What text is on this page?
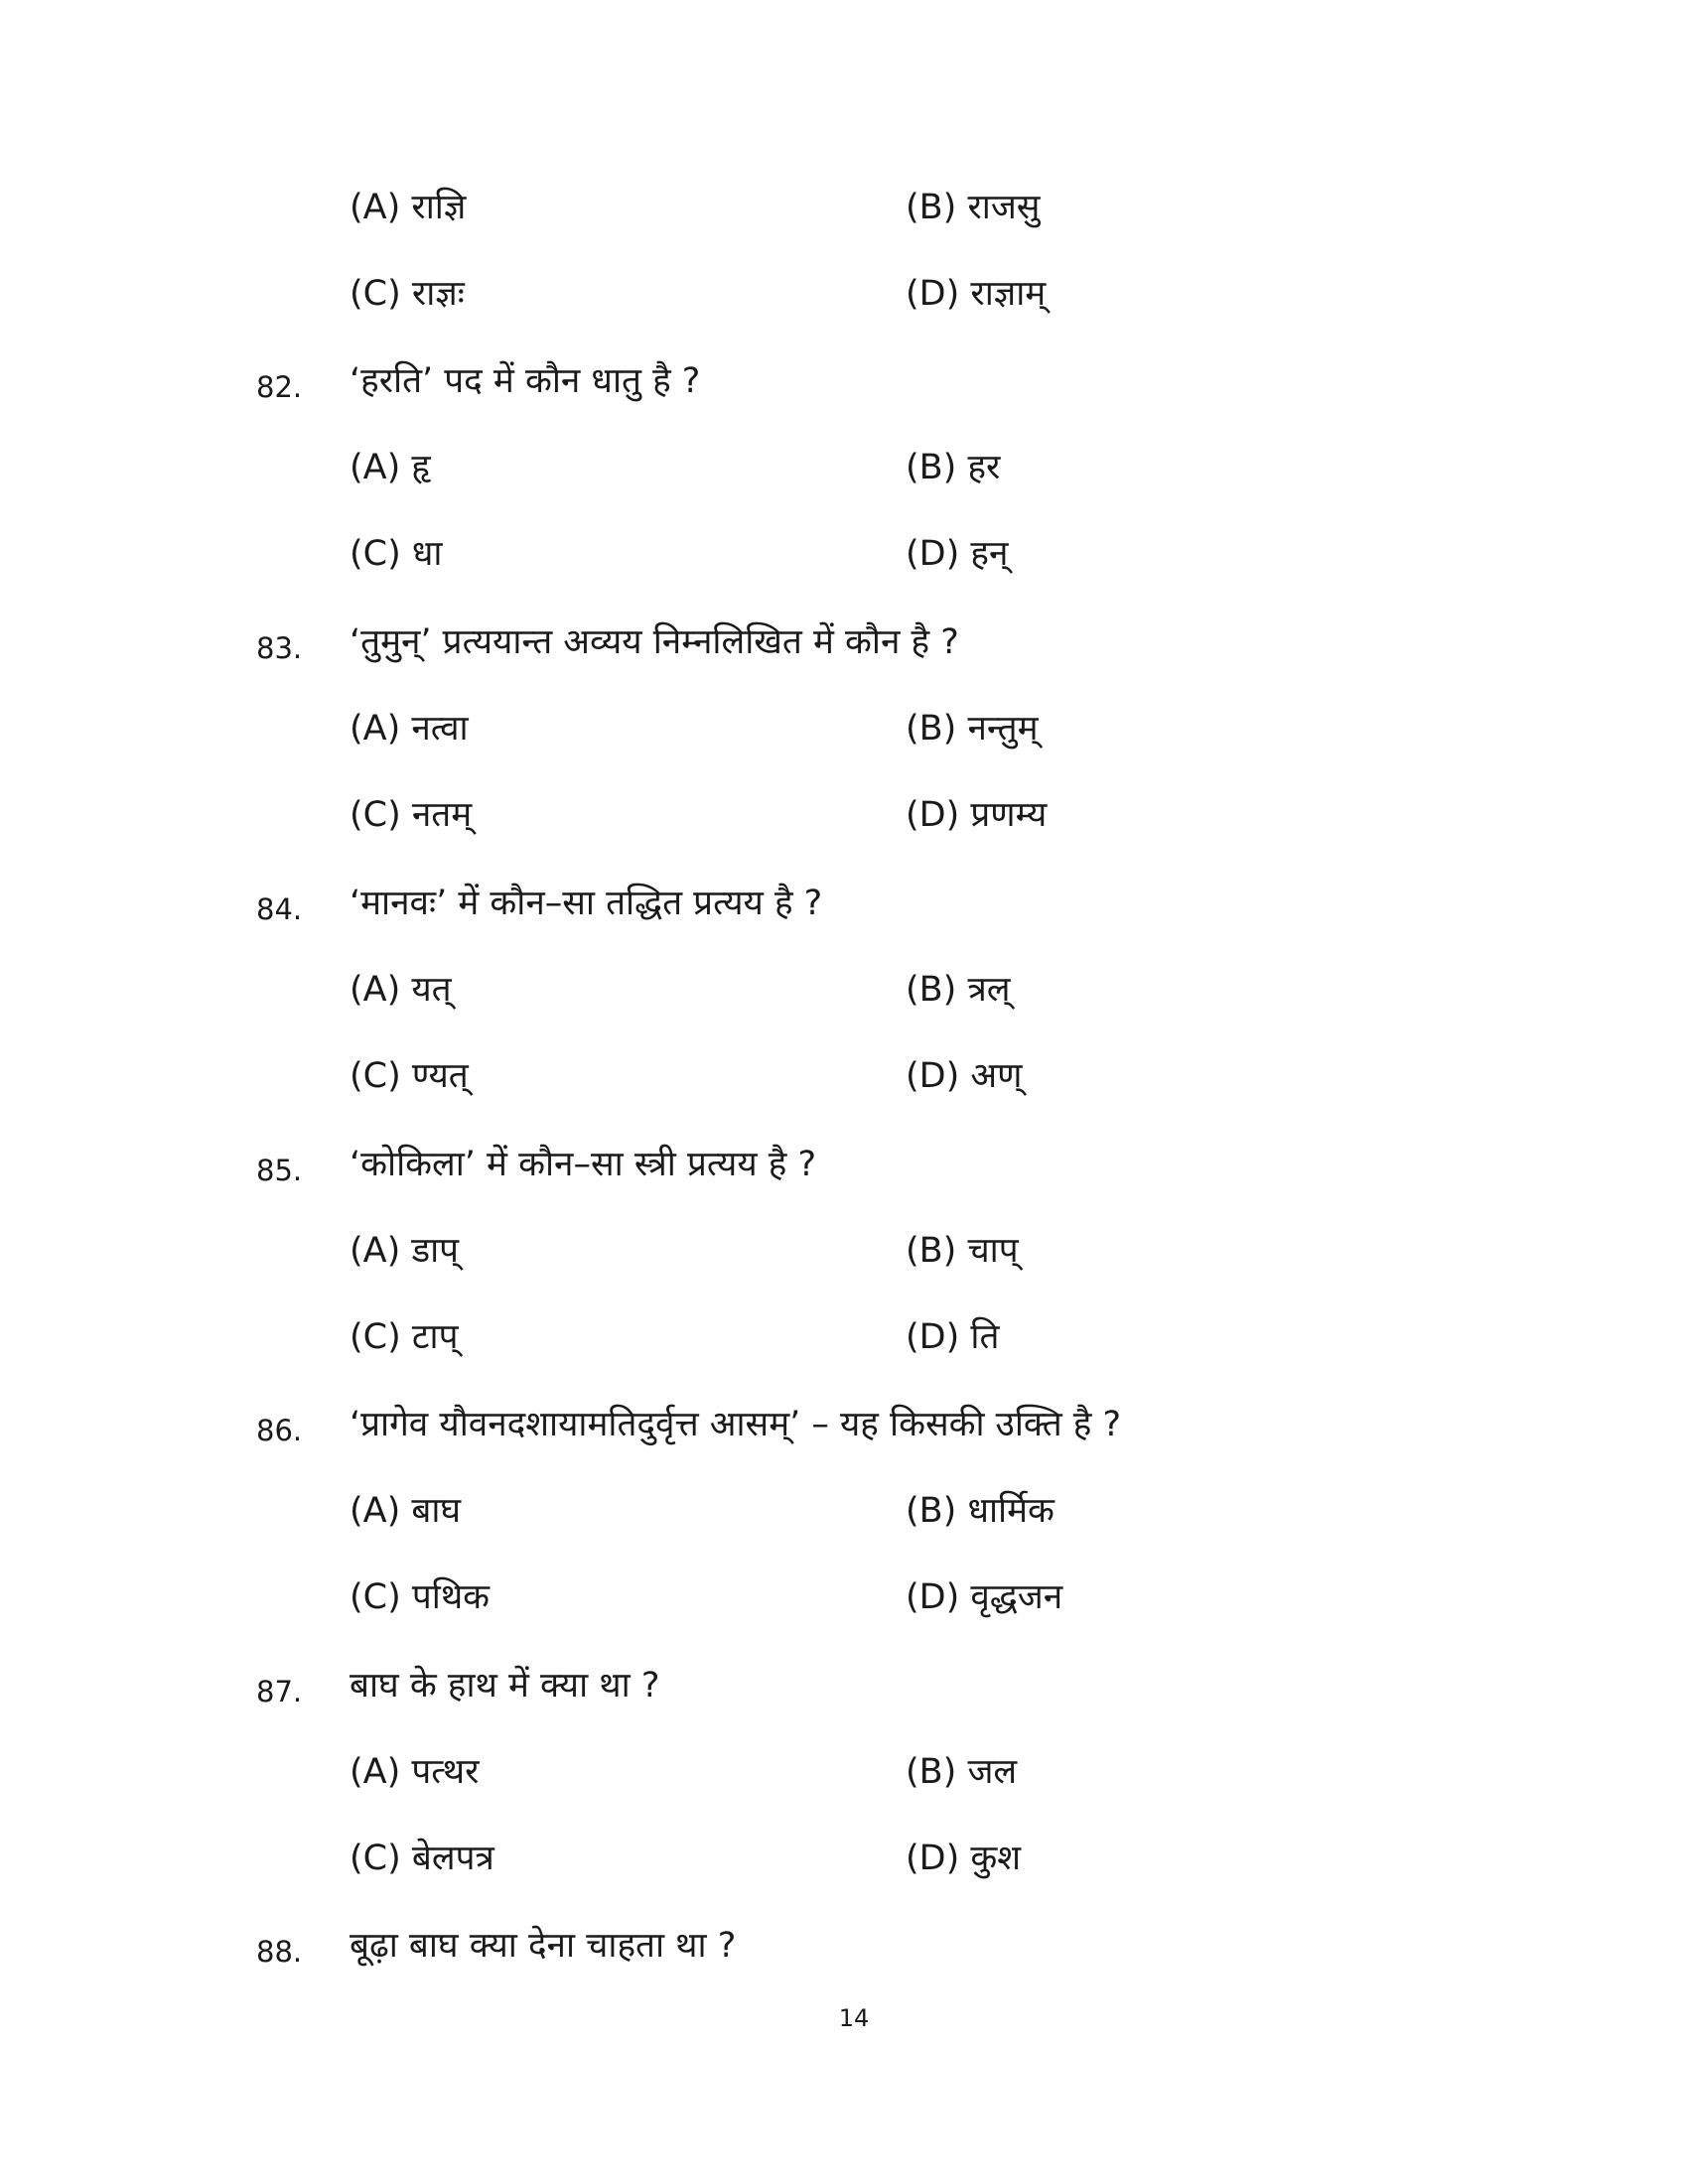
(A) राज्ञि	(B) राजसु
(C) राज्ञः	(D) राज्ञाम्
82. ‘हरति’ पद में कौन धातु है ?
(A) हृ	(B) हर
(C) धा	(D) हन्
83. ‘तुमुन्’ प्रत्ययान्त अव्यय निम्नलिखित में कौन है ?
(A) नत्वा	(B) नन्तुम्
(C) नतम्	(D) प्रणम्य
84. ‘मानवः’ में कौन–सा तद्धित प्रत्यय है ?
(A) यत्	(B) त्रल्
(C) ण्यत्	(D) अण्
85. ‘कोकिला’ में कौन–सा स्त्री प्रत्यय है ?
(A) डाप्	(B) चाप्
(C) टाप्	(D) ति
86. ‘प्रागेव यौवनदशायामतिदुर्वृत्त आसम्’ – यह किसकी उक्ति है ?
(A) बाघ	(B) धार्मिक
(C) पथिक	(D) वृद्धजन
87. बाघ के हाथ में क्या था ?
(A) पत्थर	(B) जल
(C) बेलपत्र	(D) कुश
88. बूढ़ा बाघ क्या देना चाहता था ?
14
